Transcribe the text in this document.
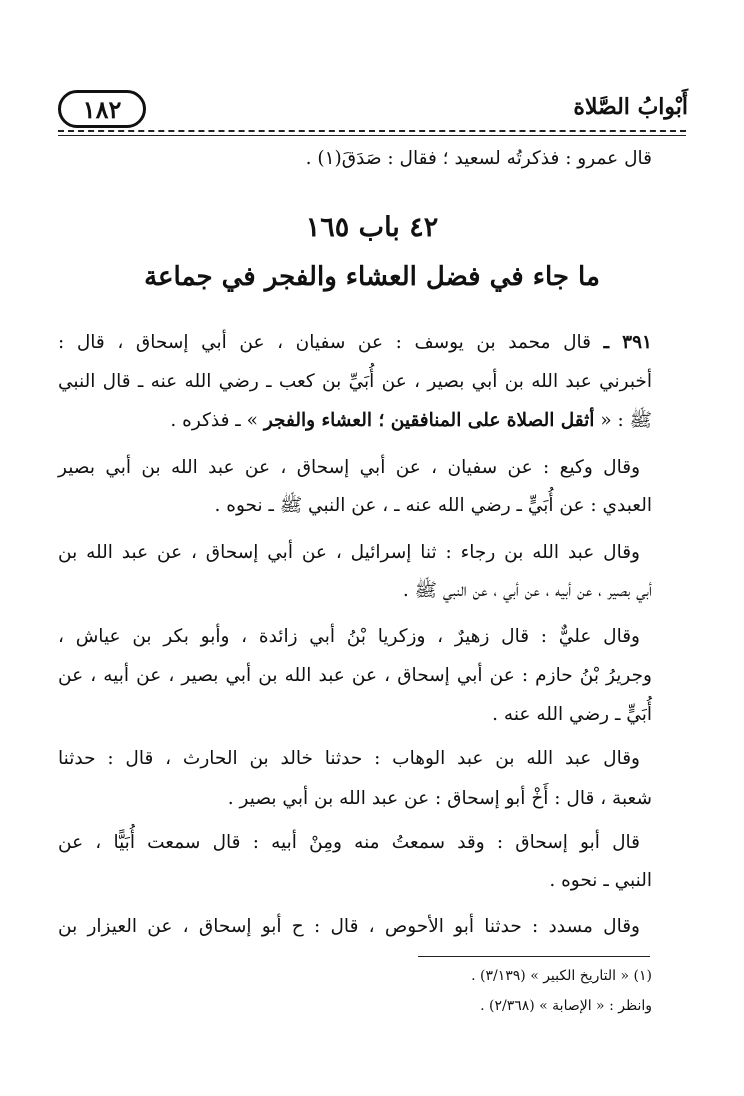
١٨٢	أَبْوابُ الصَّلاة
قال عمرو : فذكرتُه لسعيد ؛ فقال : صَدَقَ(١) .
٤٢ باب ١٦٥
ما جاء في فضل العشاء والفجر في جماعة
٣٩١ ـ قال محمد بن يوسف : عن سفيان ، عن أبي إسحاق ، قال :
أخبرني عبد الله بن أبي بصير ، عن أُبَيِّ بن كعب ـ رضي الله عنه ـ قال النبي
ﷺ : « أثقل الصلاة على المنافقين ؛ العشاء والفجر » ـ فذكره .
وقال وكيع : عن سفيان ، عن أبي إسحاق ، عن عبد الله بن أبي بصير
العبدي : عن أُبَيٍّ ـ رضي الله عنه ـ ، عن النبي ﷺ ـ نحوه .
وقال عبد الله بن رجاء : ثنا إسرائيل ، عن أبي إسحاق ، عن عبد الله بن
أبي بصير ، عن أبيه ، عن أبي ، عن النبي ﷺ .
وقال عليٌّ : قال زهيرٌ ، وزكريا بْنُ أبي زائدة ، وأبو بكر بن عياش ،
وجريرُ بْنُ حازم : عن أبي إسحاق ، عن عبد الله بن أبي بصير ، عن أبيه ، عن
أُبَيٍّ ـ رضي الله عنه .
وقال عبد الله بن عبد الوهاب : حدثنا خالد بن الحارث ، قال : حدثنا
شعبة ، قال : أَخْ أبو إسحاق : عن عبد الله بن أبي بصير .
قال أبو إسحاق : وقد سمعتُ منه ومِنْ أبيه : قال سمعت أُبَيًّا ، عن
النبي ـ نحوه .
وقال مسدد : حدثنا أبو الأحوص ، قال : ح أبو إسحاق ، عن العيزار بن
(١) « التاريخ الكبير » (٣/١٣٩) .
وانظر : « الإصابة » (٢/٣٦٨) .
